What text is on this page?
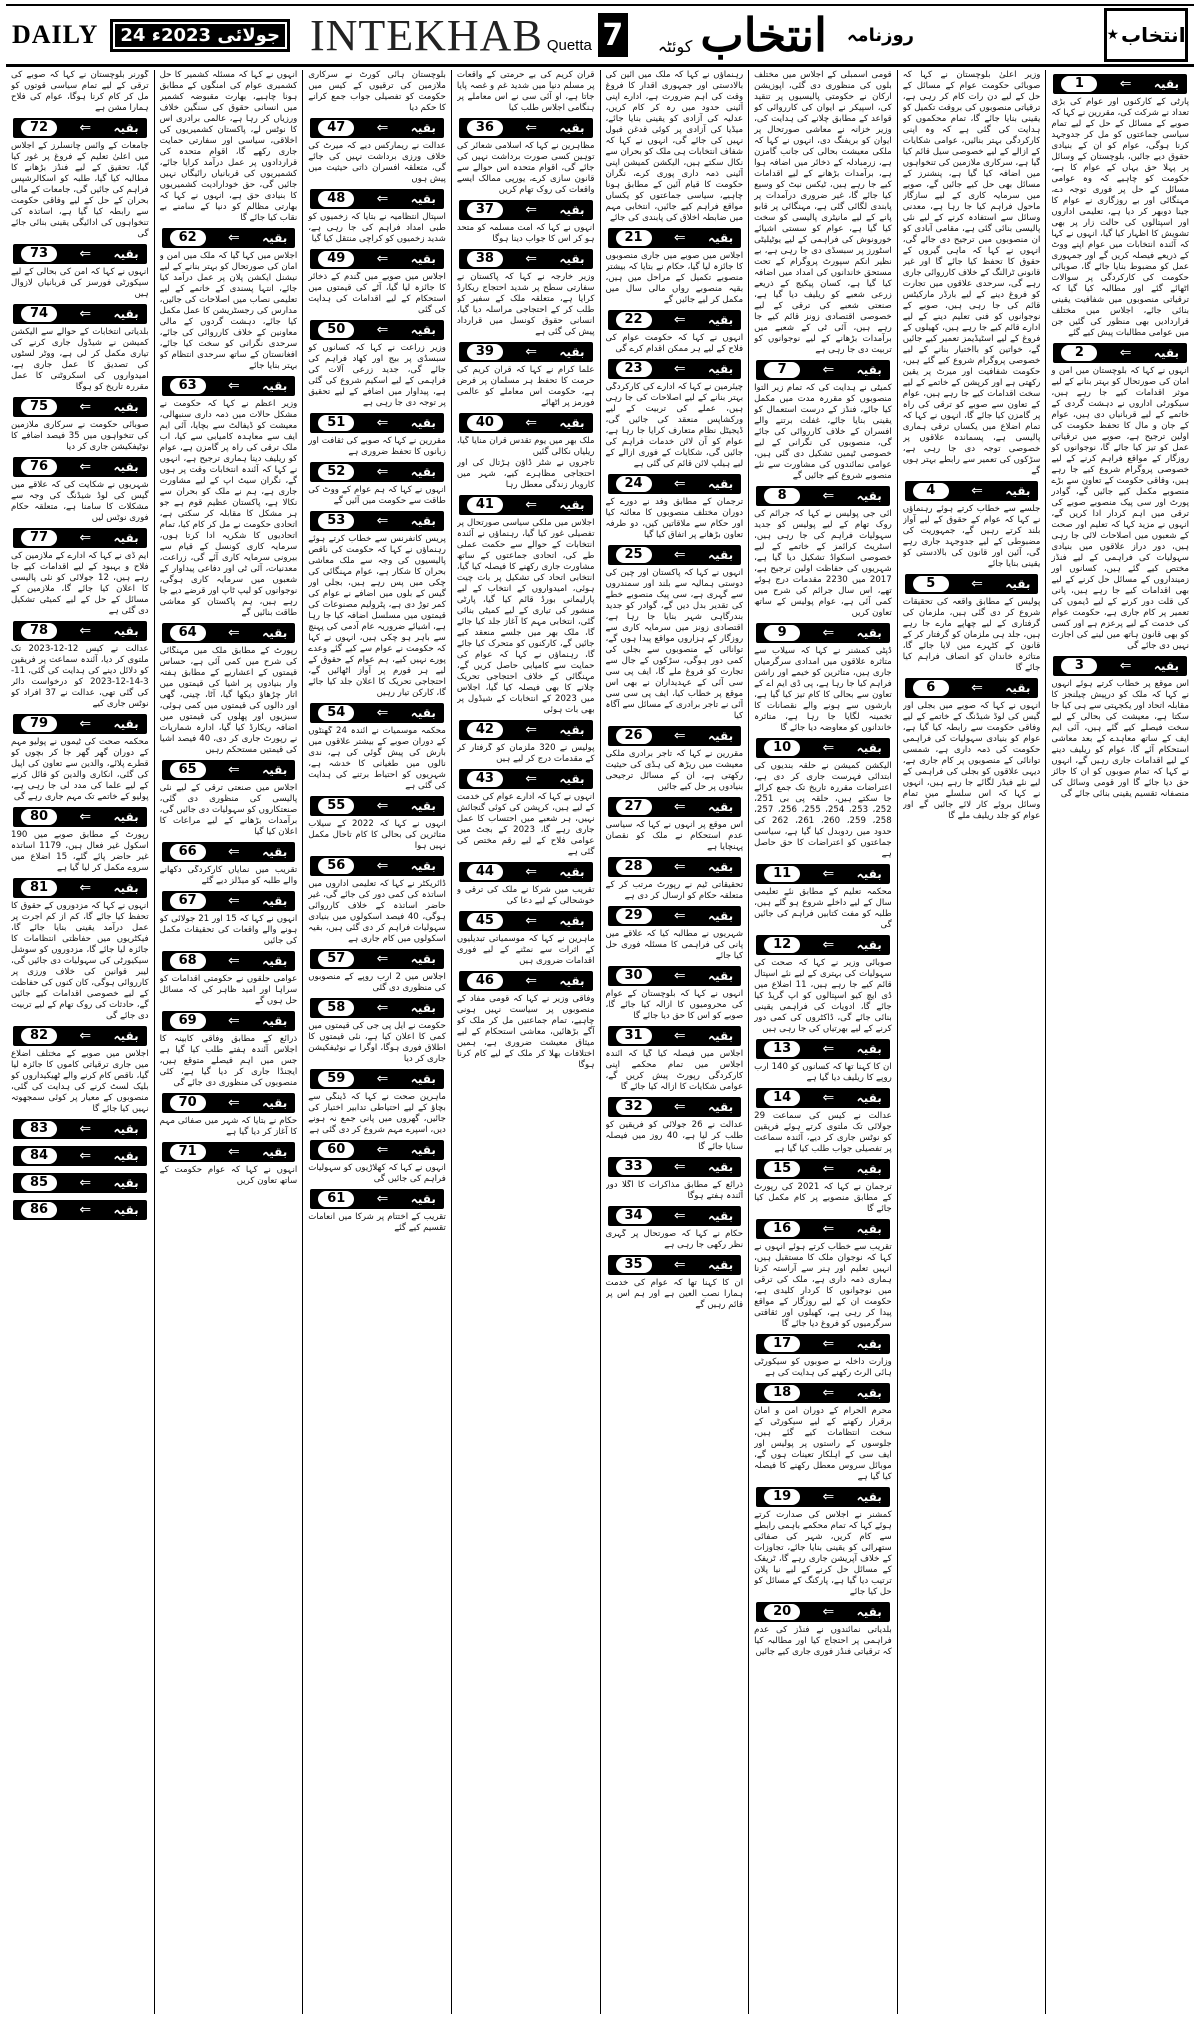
DAILY	24 جولائی 2023ء INTEKHAB Quetta 7 کوئٹہ انتخاب روزنامہ	★ انتخاب
1	⇐ بقیہ
پارٹی کے کارکنوں اور عوام کی بڑی تعداد نے شرکت کی، مقررین نے کہا کہ صوبے کے مسائل کے حل کے لیے تمام سیاسی جماعتوں کو مل کر جدوجہد کرنا ہوگی، عوام کو ان کے بنیادی حقوق دیے جائیں، بلوچستان کے وسائل پر پہلا حق یہاں کے عوام کا ہے، حکومت کو چاہیے کہ وہ عوامی مسائل کے حل پر فوری توجہ دے، مہنگائی اور بے روزگاری نے عوام کا جینا دوبھر کر دیا ہے، تعلیمی اداروں اور اسپتالوں کی حالت زار پر بھی تشویش کا اظہار کیا گیا، انہوں نے کہا کہ آئندہ انتخابات میں عوام اپنے ووٹ کے ذریعے فیصلہ کریں گے اور جمہوری عمل کو مضبوط بنایا جائے گا، صوبائی حکومت کی کارکردگی پر سوالات اٹھائے گئے اور مطالبہ کیا گیا کہ ترقیاتی منصوبوں میں شفافیت یقینی بنائی جائے، اجلاس میں مختلف قراردادیں بھی منظور کی گئیں جن میں عوامی مطالبات پیش کیے گئے
2	⇐ بقیہ
انہوں نے کہا کہ بلوچستان میں امن و امان کی صورتحال کو بہتر بنانے کے لیے موثر اقدامات کیے جا رہے ہیں، سیکورٹی اداروں نے دہشت گردی کے خاتمے کے لیے قربانیاں دی ہیں، عوام کے جان و مال کا تحفظ حکومت کی اولین ترجیح ہے، صوبے میں ترقیاتی عمل کو تیز کیا جائے گا، نوجوانوں کو روزگار کے مواقع فراہم کرنے کے لیے خصوصی پروگرام شروع کیے جا رہے ہیں، وفاقی حکومت کے تعاون سے بڑے منصوبے مکمل کیے جائیں گے، گوادر پورٹ اور سی پیک منصوبے صوبے کی ترقی میں اہم کردار ادا کریں گے، انہوں نے مزید کہا کہ تعلیم اور صحت کے شعبوں میں اصلاحات لائی جا رہی ہیں، دور دراز علاقوں میں بنیادی سہولیات کی فراہمی کے لیے فنڈز مختص کیے گئے ہیں، کسانوں اور زمینداروں کے مسائل حل کرنے کے لیے بھی اقدامات کیے جا رہے ہیں، پانی کی قلت دور کرنے کے لیے ڈیموں کی تعمیر پر کام جاری ہے، حکومت عوام کی خدمت کے لیے پرعزم ہے اور کسی کو بھی قانون ہاتھ میں لینے کی اجازت نہیں دی جائے گی
3	⇐ بقیہ
اس موقع پر خطاب کرتے ہوئے انہوں نے کہا کہ ملک کو درپیش چیلنجز کا مقابلہ اتحاد اور یکجہتی سے ہی کیا جا سکتا ہے، معیشت کی بحالی کے لیے سخت فیصلے کیے گئے ہیں، آئی ایم ایف کے ساتھ معاہدے کے بعد معاشی استحکام آئے گا، عوام کو ریلیف دینے کے لیے اقدامات جاری رہیں گے، انہوں نے کہا کہ تمام صوبوں کو ان کا جائز حق دیا جائے گا اور قومی وسائل کی منصفانہ تقسیم یقینی بنائی جائے گی
وزیر اعلیٰ بلوچستان نے کہا کہ صوبائی حکومت عوام کے مسائل کے حل کے لیے دن رات کام کر رہی ہے، ترقیاتی منصوبوں کی بروقت تکمیل کو یقینی بنایا جائے گا، تمام محکموں کو ہدایت کی گئی ہے کہ وہ اپنی کارکردگی بہتر بنائیں، عوامی شکایات کے ازالے کے لیے خصوصی سیل قائم کیا گیا ہے، سرکاری ملازمین کی تنخواہوں میں اضافہ کیا گیا ہے، پنشنرز کے مسائل بھی حل کیے جائیں گے، صوبے میں سرمایہ کاری کے لیے سازگار ماحول فراہم کیا جا رہا ہے، معدنی وسائل سے استفادہ کرنے کے لیے نئی پالیسی بنائی گئی ہے، مقامی آبادی کو ان منصوبوں میں ترجیح دی جائے گی، انہوں نے کہا کہ ماہی گیروں کے حقوق کا تحفظ کیا جائے گا اور غیر قانونی ٹرالنگ کے خلاف کارروائی جاری رہے گی، سرحدی علاقوں میں تجارت کو فروغ دینے کے لیے بارڈر مارکیٹس قائم کی جا رہی ہیں، صوبے کے نوجوانوں کو فنی تعلیم دینے کے لیے ادارے قائم کیے جا رہے ہیں، کھیلوں کے فروغ کے لیے اسٹیڈیمز تعمیر کیے جائیں گے، خواتین کو بااختیار بنانے کے لیے خصوصی پروگرام شروع کیے گئے ہیں، حکومت شفافیت اور میرٹ پر یقین رکھتی ہے اور کرپشن کے خاتمے کے لیے سخت اقدامات کیے جا رہے ہیں، عوام کے تعاون سے صوبے کو ترقی کی راہ پر گامزن کیا جائے گا، انہوں نے کہا کہ تمام اضلاع میں یکساں ترقی ہماری پالیسی ہے، پسماندہ علاقوں پر خصوصی توجہ دی جا رہی ہے، سڑکوں کی تعمیر سے رابطے بہتر ہوں گے
4	⇐ بقیہ
جلسے سے خطاب کرتے ہوئے رہنماؤں نے کہا کہ عوام کے حقوق کے لیے آواز بلند کرتے رہیں گے، جمہوریت کی مضبوطی کے لیے جدوجہد جاری رہے گی، آئین اور قانون کی بالادستی کو یقینی بنایا جائے
5	⇐ بقیہ
پولیس کے مطابق واقعہ کی تحقیقات شروع کر دی گئی ہیں، ملزمان کی گرفتاری کے لیے چھاپے مارے جا رہے ہیں، جلد ہی ملزمان کو گرفتار کر کے قانون کے کٹہرے میں لایا جائے گا، متاثرہ خاندان کو انصاف فراہم کیا جائے گا
6	⇐ بقیہ
انہوں نے کہا کہ صوبے میں بجلی اور گیس کی لوڈ شیڈنگ کے خاتمے کے لیے وفاقی حکومت سے رابطہ کیا گیا ہے، عوام کو بنیادی سہولیات کی فراہمی حکومت کی ذمہ داری ہے، شمسی توانائی کے منصوبوں پر کام جاری ہے، دیہی علاقوں کو بجلی کی فراہمی کے لیے نئے فیڈر لگائے جا رہے ہیں، انہوں نے کہا کہ اس سلسلے میں تمام وسائل بروئے کار لائے جائیں گے اور عوام کو جلد ریلیف ملے گا
قومی اسمبلی کے اجلاس میں مختلف بلوں کی منظوری دی گئی، اپوزیشن ارکان نے حکومتی پالیسیوں پر تنقید کی، اسپیکر نے ایوان کی کارروائی کو قواعد کے مطابق چلانے کی ہدایت کی، وزیر خزانہ نے معاشی صورتحال پر ایوان کو بریفنگ دی، انہوں نے کہا کہ ملکی معیشت بحالی کی جانب گامزن ہے، زرمبادلہ کے ذخائر میں اضافہ ہوا ہے، برآمدات بڑھانے کے لیے اقدامات کیے جا رہے ہیں، ٹیکس نیٹ کو وسیع کیا جائے گا، غیر ضروری درآمدات پر پابندی لگائی گئی ہے، مہنگائی پر قابو پانے کے لیے مانیٹری پالیسی کو سخت کیا گیا ہے، عوام کو سستی اشیائے خورونوش کی فراہمی کے لیے یوٹیلیٹی اسٹورز پر سبسڈی دی جا رہی ہے، بے نظیر انکم سپورٹ پروگرام کے تحت مستحق خاندانوں کی امداد میں اضافہ کیا گیا ہے، کسان پیکیج کے ذریعے زرعی شعبے کو ریلیف دیا گیا ہے، صنعتی شعبے کی ترقی کے لیے خصوصی اقتصادی زونز قائم کیے جا رہے ہیں، آئی ٹی کے شعبے میں برآمدات بڑھانے کے لیے نوجوانوں کو تربیت دی جا رہی ہے
7	⇐ بقیہ
کمیٹی نے ہدایت کی کہ تمام زیر التوا منصوبوں کو مقررہ مدت میں مکمل کیا جائے، فنڈز کے درست استعمال کو یقینی بنایا جائے، غفلت برتنے والے افسران کے خلاف کارروائی کی جائے گی، منصوبوں کی نگرانی کے لیے خصوصی ٹیمیں تشکیل دی گئی ہیں، عوامی نمائندوں کی مشاورت سے نئے منصوبے شروع کیے جائیں گے
8	⇐ بقیہ
آئی جی پولیس نے کہا کہ جرائم کی روک تھام کے لیے پولیس کو جدید سہولیات فراہم کی جا رہی ہیں، اسٹریٹ کرائمز کے خاتمے کے لیے خصوصی اسکواڈ تشکیل دیا گیا ہے، شہریوں کی حفاظت اولین ترجیح ہے، 2017 میں 2230 مقدمات درج ہوئے تھے، اس سال جرائم کی شرح میں کمی آئی ہے، عوام پولیس کے ساتھ تعاون کریں
9	⇐ بقیہ
ڈپٹی کمشنر نے کہا کہ سیلاب سے متاثرہ علاقوں میں امدادی سرگرمیاں جاری ہیں، متاثرین کو خیمے اور راشن فراہم کیا جا رہا ہے، پی ڈی ایم اے کے تعاون سے بحالی کا کام تیز کیا گیا ہے، بارشوں سے ہونے والے نقصانات کا تخمینہ لگایا جا رہا ہے، متاثرہ خاندانوں کو معاوضہ دیا جائے گا
10	⇐ بقیہ
الیکشن کمیشن نے حلقہ بندیوں کی ابتدائی فہرست جاری کر دی ہے، اعتراضات مقررہ تاریخ تک جمع کرائے جا سکتے ہیں، حلقہ پی بی 251، 252، 253، 254، 255، 256، 257، 258، 259، 260، 261، 262 کی حدود میں ردوبدل کیا گیا ہے، سیاسی جماعتوں کو اعتراضات کا حق حاصل ہے
11	⇐ بقیہ
محکمہ تعلیم کے مطابق نئے تعلیمی سال کے لیے داخلے شروع ہو گئے ہیں، طلبہ کو مفت کتابیں فراہم کی جائیں گی
12	⇐ بقیہ
صوبائی وزیر نے کہا کہ صحت کی سہولیات کی بہتری کے لیے نئے اسپتال قائم کیے جا رہے ہیں، 11 اضلاع میں ڈی ایچ کیو اسپتالوں کو اپ گریڈ کیا جائے گا، ادویات کی فراہمی یقینی بنائی جائے گی، ڈاکٹروں کی کمی دور کرنے کے لیے بھرتیاں کی جا رہی ہیں
13	⇐ بقیہ
ان کا کہنا تھا کہ کسانوں کو 140 ارب روپے کا ریلیف دیا گیا ہے
14	⇐ بقیہ
عدالت نے کیس کی سماعت 29 جولائی تک ملتوی کرتے ہوئے فریقین کو نوٹس جاری کر دیے، آئندہ سماعت پر تفصیلی جواب طلب کیا گیا ہے
15	⇐ بقیہ
ترجمان نے کہا کہ 2021 کی رپورٹ کے مطابق منصوبے پر کام مکمل کیا جائے گا
16	⇐ بقیہ
تقریب سے خطاب کرتے ہوئے انہوں نے کہا کہ نوجوان ملک کا مستقبل ہیں، انہیں تعلیم اور ہنر سے آراستہ کرنا ہماری ذمہ داری ہے، ملک کی ترقی میں نوجوانوں کا کردار کلیدی ہے، حکومت ان کے لیے روزگار کے مواقع پیدا کر رہی ہے، کھیلوں اور ثقافتی سرگرمیوں کو فروغ دیا جائے گا
17	⇐ بقیہ
وزارت داخلہ نے صوبوں کو سیکورٹی ہائی الرٹ رکھنے کی ہدایت کی ہے
18	⇐ بقیہ
محرم الحرام کے دوران امن و امان برقرار رکھنے کے لیے سیکورٹی کے سخت انتظامات کیے گئے ہیں، جلوسوں کے راستوں پر پولیس اور ایف سی کے اہلکار تعینات ہوں گے، موبائل سروس معطل رکھنے کا فیصلہ کیا گیا ہے
19	⇐ بقیہ
کمشنر نے اجلاس کی صدارت کرتے ہوئے کہا کہ تمام محکمے باہمی رابطے سے کام کریں، شہر کی صفائی ستھرائی کو یقینی بنایا جائے، تجاوزات کے خلاف آپریشن جاری رہے گا، ٹریفک کے مسائل حل کرنے کے لیے نیا پلان ترتیب دیا گیا ہے، پارکنگ کے مسائل کو حل کیا جائے
20	⇐ بقیہ
بلدیاتی نمائندوں نے فنڈز کی عدم فراہمی پر احتجاج کیا اور مطالبہ کیا کہ ترقیاتی فنڈز فوری جاری کیے جائیں
رہنماؤں نے کہا کہ ملک میں آئین کی بالادستی اور جمہوری اقدار کا فروغ وقت کی اہم ضرورت ہے، ادارے اپنی آئینی حدود میں رہ کر کام کریں، عدلیہ کی آزادی کو یقینی بنایا جائے، میڈیا کی آزادی پر کوئی قدغن قبول نہیں کی جائے گی، انہوں نے کہا کہ شفاف انتخابات ہی ملک کو بحران سے نکال سکتے ہیں، الیکشن کمیشن اپنی آئینی ذمہ داری پوری کرے، نگران حکومت کا قیام آئین کے مطابق ہونا چاہیے، سیاسی جماعتوں کو یکساں مواقع فراہم کیے جائیں، انتخابی مہم میں ضابطہ اخلاق کی پابندی کی جائے
21	⇐ بقیہ
اجلاس میں صوبے میں جاری منصوبوں کا جائزہ لیا گیا، حکام نے بتایا کہ بیشتر منصوبے تکمیل کے مراحل میں ہیں، بقیہ منصوبے رواں مالی سال میں مکمل کر لیے جائیں گے
22	⇐ بقیہ
انہوں نے کہا کہ حکومت عوام کی فلاح کے لیے ہر ممکن اقدام کرے گی
23	⇐ بقیہ
چیئرمین نے کہا کہ ادارے کی کارکردگی بہتر بنانے کے لیے اصلاحات کی جا رہی ہیں، عملے کی تربیت کے لیے ورکشاپس منعقد کی جائیں گی، ڈیجیٹل نظام متعارف کرایا جا رہا ہے، عوام کو آن لائن خدمات فراہم کی جائیں گی، شکایات کے فوری ازالے کے لیے ہیلپ لائن قائم کی گئی ہے
24	⇐ بقیہ
ترجمان کے مطابق وفد نے دورے کے دوران مختلف منصوبوں کا معائنہ کیا اور حکام سے ملاقاتیں کیں، دو طرفہ تعاون بڑھانے پر اتفاق کیا گیا
25	⇐ بقیہ
انہوں نے کہا کہ پاکستان اور چین کی دوستی ہمالیہ سے بلند اور سمندروں سے گہری ہے، سی پیک منصوبے خطے کی تقدیر بدل دیں گے، گوادر کو جدید بندرگاہی شہر بنایا جا رہا ہے، اقتصادی زونز میں سرمایہ کاری سے روزگار کے ہزاروں مواقع پیدا ہوں گے، توانائی کے منصوبوں سے بجلی کی کمی دور ہوگی، سڑکوں کے جال سے تجارت کو فروغ ملے گا، ایف پی سی سی آئی کے عہدیداران نے بھی اس موقع پر خطاب کیا، ایف پی سی سی آئی نے تاجر برادری کے مسائل سے آگاہ کیا
26	⇐ بقیہ
مقررین نے کہا کہ تاجر برادری ملکی معیشت میں ریڑھ کی ہڈی کی حیثیت رکھتی ہے، ان کے مسائل ترجیحی بنیادوں پر حل کیے جائیں
27	⇐ بقیہ
اس موقع پر انہوں نے کہا کہ سیاسی عدم استحکام نے ملک کو نقصان پہنچایا ہے
28	⇐ بقیہ
تحقیقاتی ٹیم نے رپورٹ مرتب کر کے متعلقہ حکام کو ارسال کر دی ہے
29	⇐ بقیہ
شہریوں نے مطالبہ کیا کہ علاقے میں پانی کی فراہمی کا مسئلہ فوری حل کیا جائے
30	⇐ بقیہ
انہوں نے کہا کہ بلوچستان کے عوام کی محرومیوں کا ازالہ کیا جائے گا، صوبے کو اس کا حق دیا جائے گا
31	⇐ بقیہ
اجلاس میں فیصلہ کیا گیا کہ آئندہ اجلاس میں تمام محکمے اپنی کارکردگی رپورٹ پیش کریں گے، عوامی شکایات کا ازالہ کیا جائے گا
32	⇐ بقیہ
عدالت نے 26 جولائی کو فریقین کو طلب کر لیا ہے، 40 روز میں فیصلہ سنایا جائے گا
33	⇐ بقیہ
ذرائع کے مطابق مذاکرات کا اگلا دور آئندہ ہفتے ہوگا
34	⇐ بقیہ
حکام نے کہا کہ صورتحال پر گہری نظر رکھی جا رہی ہے
35	⇐ بقیہ
ان کا کہنا تھا کہ عوام کی خدمت ہمارا نصب العین ہے اور ہم اس پر قائم رہیں گے
قرآن کریم کی بے حرمتی کے واقعات پر مسلم دنیا میں شدید غم و غصہ پایا جاتا ہے، او آئی سی نے اس معاملے پر ہنگامی اجلاس طلب کیا
36	⇐ بقیہ
مظاہرین نے کہا کہ اسلامی شعائر کی توہین کسی صورت برداشت نہیں کی جائے گی، اقوام متحدہ اس حوالے سے قانون سازی کرے، یورپی ممالک ایسے واقعات کی روک تھام کریں
37	⇐ بقیہ
انہوں نے کہا کہ امت مسلمہ کو متحد ہو کر اس کا جواب دینا ہوگا
38	⇐ بقیہ
وزیر خارجہ نے کہا کہ پاکستان نے سفارتی سطح پر شدید احتجاج ریکارڈ کرایا ہے، متعلقہ ملک کے سفیر کو طلب کر کے احتجاجی مراسلہ دیا گیا، انسانی حقوق کونسل میں قرارداد پیش کی گئی ہے
39	⇐ بقیہ
علما کرام نے کہا کہ قرآن کریم کی حرمت کا تحفظ ہر مسلمان پر فرض ہے، حکومت اس معاملے کو عالمی فورمز پر اٹھائے
40	⇐ بقیہ
ملک بھر میں یوم تقدس قرآن منایا گیا، ریلیاں نکالی گئیں
تاجروں نے شٹر ڈاؤن ہڑتال کی اور احتجاجی مظاہرے کیے، شہر میں کاروبار زندگی معطل رہا
41	⇐ بقیہ
اجلاس میں ملکی سیاسی صورتحال پر تفصیلی غور کیا گیا، رہنماؤں نے آئندہ انتخابات کے حوالے سے حکمت عملی طے کی، اتحادی جماعتوں کے ساتھ مشاورت جاری رکھنے کا فیصلہ کیا گیا، انتخابی اتحاد کی تشکیل پر بات چیت ہوئی، امیدواروں کے انتخاب کے لیے پارلیمانی بورڈ قائم کیا گیا، پارٹی منشور کی تیاری کے لیے کمیٹی بنائی گئی، انتخابی مہم کا آغاز جلد کیا جائے گا، ملک بھر میں جلسے منعقد کیے جائیں گے، کارکنوں کو متحرک کیا جائے گا، رہنماؤں نے کہا کہ عوام کی حمایت سے کامیابی حاصل کریں گے، مہنگائی کے خلاف احتجاجی تحریک چلانے کا بھی فیصلہ کیا گیا، اجلاس میں 2023 کے انتخابات کے شیڈول پر بھی بات ہوئی
42	⇐ بقیہ
پولیس نے 320 ملزمان کو گرفتار کر کے مقدمات درج کر لیے ہیں
43	⇐ بقیہ
انہوں نے کہا کہ ادارے عوام کی خدمت کے لیے ہیں، کرپشن کی کوئی گنجائش نہیں، ہر شعبے میں احتساب کا عمل جاری رہے گا، 2023 کے بجٹ میں عوامی فلاح کے لیے رقم مختص کی گئی ہے
44	⇐ بقیہ
تقریب میں شرکا نے ملک کی ترقی و خوشحالی کے لیے دعا کی
45	⇐ بقیہ
ماہرین نے کہا کہ موسمیاتی تبدیلیوں کے اثرات سے نمٹنے کے لیے فوری اقدامات ضروری ہیں
46	⇐ بقیہ
وفاقی وزیر نے کہا کہ قومی مفاد کے منصوبوں پر سیاست نہیں ہونی چاہیے، تمام جماعتیں مل کر ملک کو آگے بڑھائیں، معاشی استحکام کے لیے میثاق معیشت ضروری ہے، ہمیں اختلافات بھلا کر ملک کے لیے کام کرنا ہوگا
بلوچستان ہائی کورٹ نے سرکاری ملازمین کی ترقیوں کے کیس میں حکومت کو تفصیلی جواب جمع کرانے کا حکم دیا
47	⇐ بقیہ
عدالت نے ریمارکس دیے کہ میرٹ کی خلاف ورزی برداشت نہیں کی جائے گی، متعلقہ افسران ذاتی حیثیت میں پیش ہوں
48	⇐ بقیہ
اسپتال انتظامیہ نے بتایا کہ زخمیوں کو طبی امداد فراہم کی جا رہی ہے، شدید زخمیوں کو کراچی منتقل کیا گیا
49	⇐ بقیہ
اجلاس میں صوبے میں گندم کے ذخائر کا جائزہ لیا گیا، آٹے کی قیمتوں میں استحکام کے لیے اقدامات کی ہدایت کی گئی
50	⇐ بقیہ
وزیر زراعت نے کہا کہ کسانوں کو سبسڈی پر بیج اور کھاد فراہم کی جائے گی، جدید زرعی آلات کی فراہمی کے لیے اسکیم شروع کی گئی ہے، پیداوار میں اضافے کے لیے تحقیق پر توجہ دی جا رہی ہے
51	⇐ بقیہ
مقررین نے کہا کہ صوبے کی ثقافت اور زبانوں کا تحفظ ضروری ہے
52	⇐ بقیہ
انہوں نے کہا کہ ہم عوام کے ووٹ کی طاقت سے حکومت میں آئیں گے
53	⇐ بقیہ
پریس کانفرنس سے خطاب کرتے ہوئے رہنماؤں نے کہا کہ حکومت کی ناقص پالیسیوں کی وجہ سے ملک معاشی بحران کا شکار ہے، عوام مہنگائی کی چکی میں پس رہے ہیں، بجلی اور گیس کے بلوں میں اضافے نے عوام کی کمر توڑ دی ہے، پٹرولیم مصنوعات کی قیمتوں میں مسلسل اضافہ کیا جا رہا ہے، اشیائے ضروریہ عام آدمی کی پہنچ سے باہر ہو چکی ہیں، انہوں نے کہا کہ حکومت نے عوام سے کیے گئے وعدے پورے نہیں کیے، ہم عوام کے حقوق کے لیے ہر فورم پر آواز اٹھائیں گے، احتجاجی تحریک کا اعلان جلد کیا جائے گا، کارکن تیار رہیں
54	⇐ بقیہ
محکمہ موسمیات نے آئندہ 24 گھنٹوں کے دوران صوبے کے بیشتر علاقوں میں بارش کی پیش گوئی کی ہے، ندی نالوں میں طغیانی کا خدشہ ہے، شہریوں کو احتیاط برتنے کی ہدایت کی گئی ہے
55	⇐ بقیہ
انہوں نے کہا کہ 2022 کے سیلاب متاثرین کی بحالی کا کام تاحال مکمل نہیں ہوا
56	⇐ بقیہ
ڈائریکٹر نے کہا کہ تعلیمی اداروں میں اساتذہ کی کمی دور کی جائے گی، غیر حاضر اساتذہ کے خلاف کارروائی ہوگی، 40 فیصد اسکولوں میں بنیادی سہولیات فراہم کر دی گئی ہیں، بقیہ اسکولوں میں کام جاری ہے
57	⇐ بقیہ
اجلاس میں 2 ارب روپے کے منصوبوں کی منظوری دی گئی
58	⇐ بقیہ
حکومت نے ایل پی جی کی قیمتوں میں کمی کا اعلان کیا ہے، نئی قیمتوں کا اطلاق فوری ہوگا، اوگرا نے نوٹیفکیشن جاری کر دیا
59	⇐ بقیہ
ماہرین صحت نے کہا کہ ڈینگی سے بچاؤ کے لیے احتیاطی تدابیر اختیار کی جائیں، گھروں میں پانی جمع نہ ہونے دیں، اسپرے مہم شروع کر دی گئی ہے
60	⇐ بقیہ
انہوں نے کہا کہ کھلاڑیوں کو سہولیات فراہم کی جائیں گی
61	⇐ بقیہ
تقریب کے اختتام پر شرکا میں انعامات تقسیم کیے گئے
انہوں نے کہا کہ مسئلہ کشمیر کا حل کشمیری عوام کی امنگوں کے مطابق ہونا چاہیے، بھارت مقبوضہ کشمیر میں انسانی حقوق کی سنگین خلاف ورزیاں کر رہا ہے، عالمی برادری اس کا نوٹس لے، پاکستان کشمیریوں کی اخلاقی، سیاسی اور سفارتی حمایت جاری رکھے گا، اقوام متحدہ کی قراردادوں پر عمل درآمد کرایا جائے، کشمیریوں کی قربانیاں رائیگاں نہیں جائیں گی، حق خودارادیت کشمیریوں کا بنیادی حق ہے، انہوں نے کہا کہ بھارتی مظالم کو دنیا کے سامنے بے نقاب کیا جائے گا
62	⇐ بقیہ
اجلاس میں کہا گیا کہ ملک میں امن و امان کی صورتحال کو بہتر بنانے کے لیے نیشنل ایکشن پلان پر عمل درآمد کیا جائے، انتہا پسندی کے خاتمے کے لیے تعلیمی نصاب میں اصلاحات کی جائیں، مدارس کی رجسٹریشن کا عمل مکمل کیا جائے، دہشت گردوں کے مالی معاونین کے خلاف کارروائی کی جائے، سرحدی نگرانی کو سخت کیا جائے، افغانستان کے ساتھ سرحدی انتظام کو بہتر بنایا جائے
63	⇐ بقیہ
وزیر اعظم نے کہا کہ حکومت نے مشکل حالات میں ذمہ داری سنبھالی، معیشت کو ڈیفالٹ سے بچایا، آئی ایم ایف سے معاہدہ کامیابی سے کیا، اب ملک ترقی کی راہ پر گامزن ہے، عوام کو ریلیف دینا ہماری ترجیح ہے، انہوں نے کہا کہ آئندہ انتخابات وقت پر ہوں گے، نگران سیٹ اپ کے لیے مشاورت جاری ہے، ہم نے ملک کو بحران سے نکالا ہے، پاکستان عظیم قوم ہے جو ہر مشکل کا مقابلہ کر سکتی ہے، اتحادی حکومت نے مل کر کام کیا، تمام اتحادیوں کا شکریہ ادا کرتا ہوں، سرمایہ کاری کونسل کے قیام سے بیرونی سرمایہ کاری آئے گی، زراعت، معدنیات، آئی ٹی اور دفاعی پیداوار کے شعبوں میں سرمایہ کاری ہوگی، نوجوانوں کو لیپ ٹاپ اور قرضے دیے جا رہے ہیں، ہم پاکستان کو معاشی طاقت بنائیں گے
64	⇐ بقیہ
رپورٹ کے مطابق ملک میں مہنگائی کی شرح میں کمی آئی ہے، حساس قیمتوں کے اعشاریے کے مطابق ہفتہ وار بنیادوں پر اشیا کی قیمتوں میں اتار چڑھاؤ دیکھا گیا، آٹا، چینی، گھی اور دالوں کی قیمتوں میں کمی ہوئی، سبزیوں اور پھلوں کی قیمتوں میں اضافہ ریکارڈ کیا گیا، ادارہ شماریات نے رپورٹ جاری کر دی، 40 فیصد اشیا کی قیمتیں مستحکم رہیں
65	⇐ بقیہ
اجلاس میں صنعتی ترقی کے لیے نئی پالیسی کی منظوری دی گئی، صنعتکاروں کو سہولیات دی جائیں گی، برآمدات بڑھانے کے لیے مراعات کا اعلان کیا گیا
66	⇐ بقیہ
تقریب میں نمایاں کارکردگی دکھانے والے طلبہ کو میڈلز دیے گئے
67	⇐ بقیہ
انہوں نے کہا کہ 15 اور 21 جولائی کو ہونے والے واقعات کی تحقیقات مکمل کی جائیں
68	⇐ بقیہ
عوامی حلقوں نے حکومتی اقدامات کو سراہا اور امید ظاہر کی کہ مسائل حل ہوں گے
69	⇐ بقیہ
ذرائع کے مطابق وفاقی کابینہ کا اجلاس آئندہ ہفتے طلب کیا گیا ہے جس میں اہم فیصلے متوقع ہیں، ایجنڈا جاری کر دیا گیا ہے، کئی منصوبوں کی منظوری دی جائے گی
70	⇐ بقیہ
حکام نے بتایا کہ شہر میں صفائی مہم کا آغاز کر دیا گیا ہے
71	⇐ بقیہ
انہوں نے کہا کہ عوام حکومت کے ساتھ تعاون کریں
گورنر بلوچستان نے کہا کہ صوبے کی ترقی کے لیے تمام سیاسی قوتوں کو مل کر کام کرنا ہوگا، عوام کی فلاح ہمارا مشن ہے
72	⇐ بقیہ
جامعات کے وائس چانسلرز کے اجلاس میں اعلیٰ تعلیم کے فروغ پر غور کیا گیا، تحقیق کے لیے فنڈز بڑھانے کا مطالبہ کیا گیا، طلبہ کو اسکالرشپس فراہم کی جائیں گی، جامعات کے مالی بحران کے حل کے لیے وفاقی حکومت سے رابطہ کیا گیا ہے، اساتذہ کی تنخواہوں کی ادائیگی یقینی بنائی جائے گی
73	⇐ بقیہ
انہوں نے کہا کہ امن کی بحالی کے لیے سیکورٹی فورسز کی قربانیاں لازوال ہیں
74	⇐ بقیہ
بلدیاتی انتخابات کے حوالے سے الیکشن کمیشن نے شیڈول جاری کرنے کی تیاری مکمل کر لی ہے، ووٹر لسٹوں کی تصدیق کا عمل جاری ہے، امیدواروں کی اسکروٹنی کا عمل مقررہ تاریخ کو ہوگا
75	⇐ بقیہ
صوبائی حکومت نے سرکاری ملازمین کی تنخواہوں میں 35 فیصد اضافے کا نوٹیفکیشن جاری کر دیا
76	⇐ بقیہ
شہریوں نے شکایت کی کہ علاقے میں گیس کی لوڈ شیڈنگ کی وجہ سے مشکلات کا سامنا ہے، متعلقہ حکام فوری نوٹس لیں
77	⇐ بقیہ
ایم ڈی نے کہا کہ ادارے کے ملازمین کی فلاح و بہبود کے لیے اقدامات کیے جا رہے ہیں، 12 جولائی کو نئی پالیسی کا اعلان کیا جائے گا، ملازمین کے مسائل کے حل کے لیے کمیٹی تشکیل دی گئی ہے
78	⇐ بقیہ
عدالت نے کیس 12-12-2023 تک ملتوی کر دیا، آئندہ سماعت پر فریقین کو دلائل دینے کی ہدایت کی گئی، 11-3-14-12-2023 کو درخواست دائر کی گئی تھی، عدالت نے 37 افراد کو نوٹس جاری کیے
79	⇐ بقیہ
محکمہ صحت کی ٹیموں نے پولیو مہم کے دوران گھر گھر جا کر بچوں کو قطرے پلائے، والدین سے تعاون کی اپیل کی گئی، انکاری والدین کو قائل کرنے کے لیے علما کی مدد لی جا رہی ہے، پولیو کے خاتمے تک مہم جاری رہے گی
80	⇐ بقیہ
رپورٹ کے مطابق صوبے میں 190 اسکول غیر فعال ہیں، 1179 اساتذہ غیر حاضر پائے گئے، 15 اضلاع میں سروے مکمل کر لیا گیا ہے
81	⇐ بقیہ
انہوں نے کہا کہ مزدوروں کے حقوق کا تحفظ کیا جائے گا، کم از کم اجرت پر عمل درآمد یقینی بنایا جائے گا، فیکٹریوں میں حفاظتی انتظامات کا جائزہ لیا جائے گا، مزدوروں کو سوشل سیکیورٹی کی سہولیات دی جائیں گی، لیبر قوانین کی خلاف ورزی پر کارروائی ہوگی، کان کنوں کی حفاظت کے لیے خصوصی اقدامات کیے جائیں گے، حادثات کی روک تھام کے لیے تربیت دی جائے گی
82	⇐ بقیہ
اجلاس میں صوبے کے مختلف اضلاع میں جاری ترقیاتی کاموں کا جائزہ لیا گیا، ناقص کام کرنے والے ٹھیکیداروں کو بلیک لسٹ کرنے کی ہدایت کی گئی، منصوبوں کے معیار پر کوئی سمجھوتہ نہیں کیا جائے گا
83	⇐ بقیہ
84	⇐ بقیہ
85	⇐ بقیہ
86	⇐ بقیہ
